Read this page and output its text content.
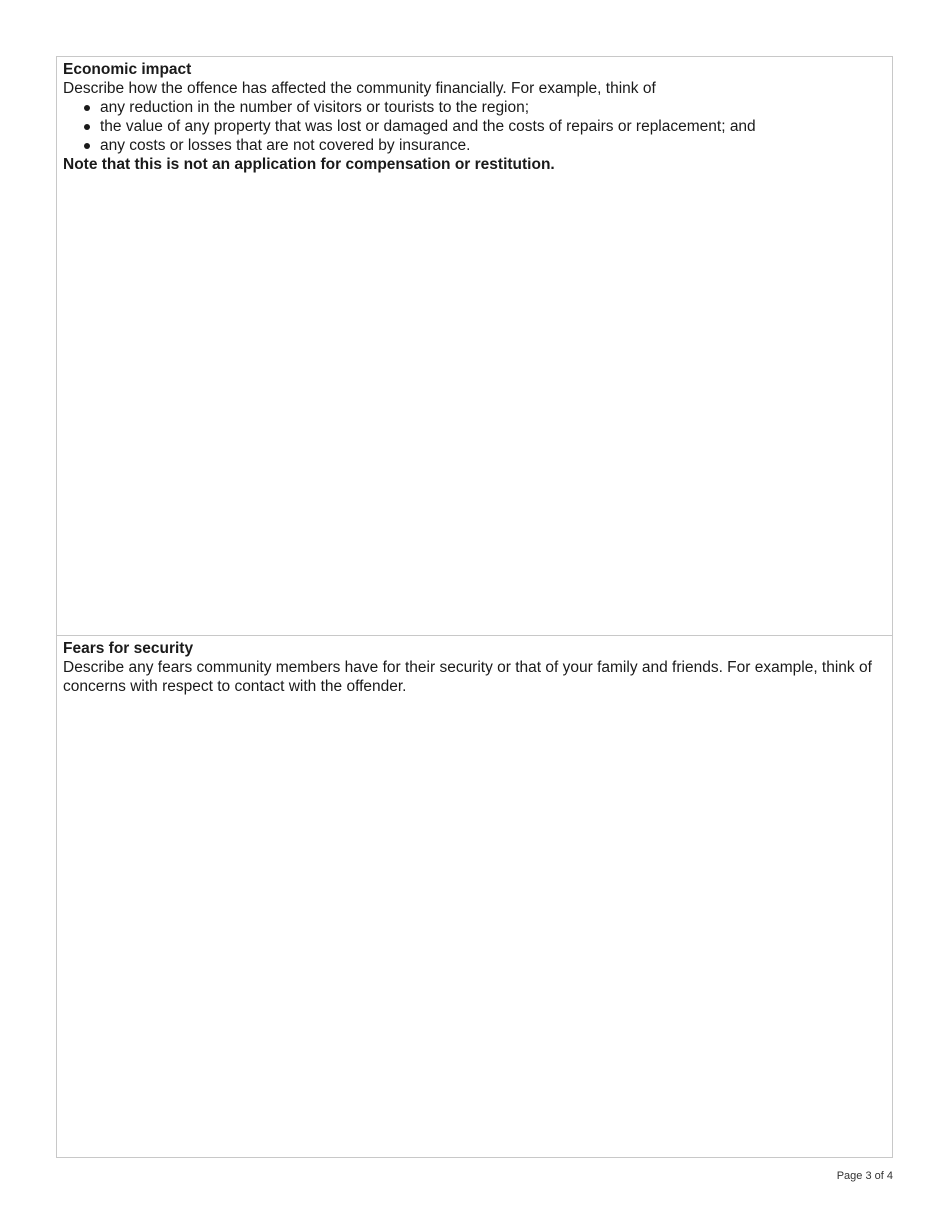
Economic impact

Describe how the offence has affected the community financially. For example, think of

any reduction in the number of visitors or tourists to the region;
the value of any property that was lost or damaged and the costs of repairs or replacement; and
any costs or losses that are not covered by insurance.

Note that this is not an application for compensation or restitution.

Fears for security

Describe any fears community members have for their security or that of your family and friends. For example, think of concerns with respect to contact with the offender.

Page 3 of 4
